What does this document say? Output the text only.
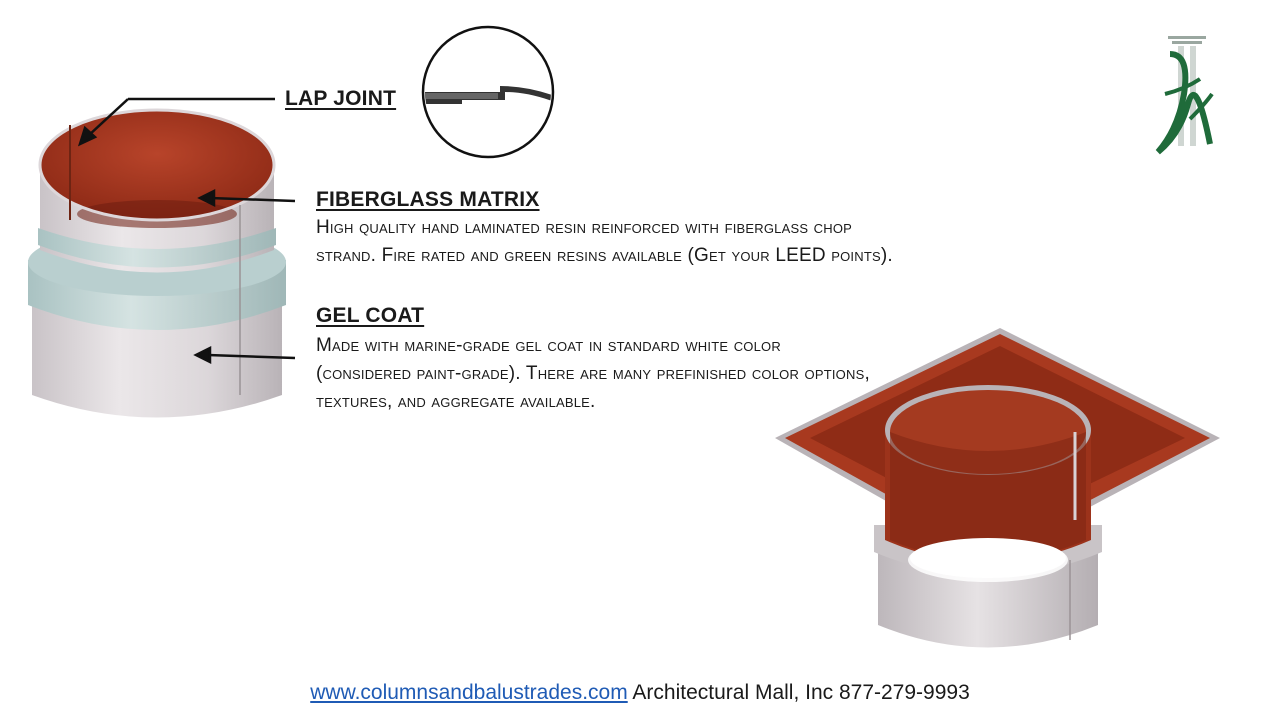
LAP JOINT
FIBERGLASS MATRIX
High quality hand laminated resin reinforced with fiberglass chop
strand. Fire rated and green resins available (Get your LEED points).
GEL COAT
Made with marine-grade gel coat in standard white color
(considered paint-grade). There are many prefinished color options,
textures, and aggregate available.
www.columnsandbalustrades.com Architectural Mall, Inc 877-279-9993
